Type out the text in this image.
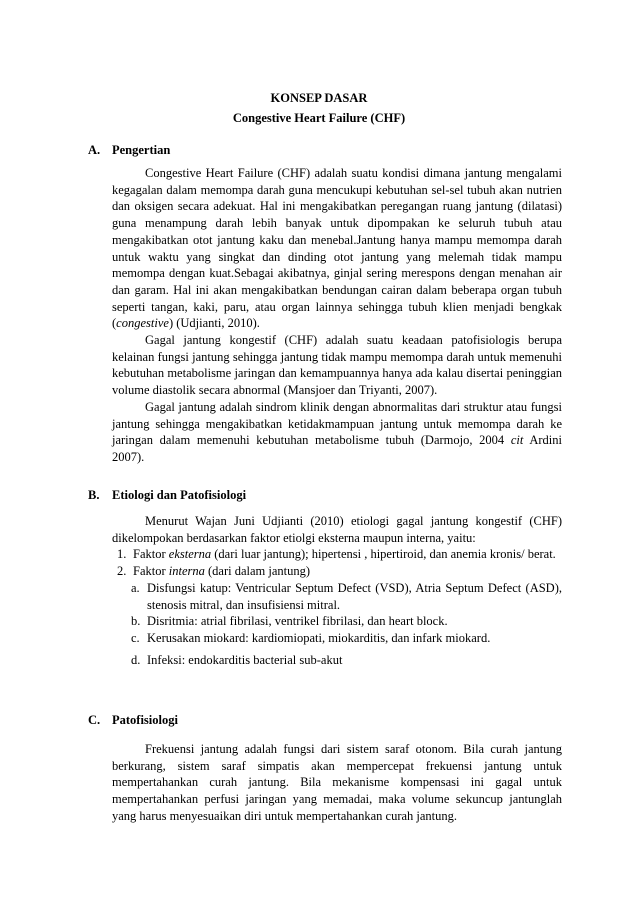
KONSEP DASAR
Congestive Heart Failure (CHF)
A. Pengertian

Congestive Heart Failure (CHF) adalah suatu kondisi dimana jantung mengalami kegagalan dalam memompa darah guna mencukupi kebutuhan sel-sel tubuh akan nutrien dan oksigen secara adekuat. Hal ini mengakibatkan peregangan ruang jantung (dilatasi) guna menampung darah lebih banyak untuk dipompakan ke seluruh tubuh atau mengakibatkan otot jantung kaku dan menebal.Jantung hanya mampu memompa darah untuk waktu yang singkat dan dinding otot jantung yang melemah tidak mampu memompa dengan kuat.Sebagai akibatnya, ginjal sering merespons dengan menahan air dan garam. Hal ini akan mengakibatkan bendungan cairan dalam beberapa organ tubuh seperti tangan, kaki, paru, atau organ lainnya sehingga tubuh klien menjadi bengkak (congestive) (Udjianti, 2010).

Gagal jantung kongestif (CHF) adalah suatu keadaan patofisiologis berupa kelainan fungsi jantung sehingga jantung tidak mampu memompa darah untuk memenuhi kebutuhan metabolisme jaringan dan kemampuannya hanya ada kalau disertai peninggian volume diastolik secara abnormal (Mansjoer dan Triyanti, 2007).

Gagal jantung adalah sindrom klinik dengan abnormalitas dari struktur atau fungsi jantung sehingga mengakibatkan ketidakmampuan jantung untuk memompa darah ke jaringan dalam memenuhi kebutuhan metabolisme tubuh (Darmojo, 2004 cit Ardini 2007).

B.	Etiologi dan Patofisiologi

Menurut Wajan Juni Udjianti (2010) etiologi gagal jantung kongestif (CHF) dikelompokan berdasarkan faktor etiolgi eksterna maupun interna, yaitu:

1. Faktor eksterna (dari luar jantung); hipertensi , hipertiroid, dan anemia kronis/ berat.
2. Faktor interna (dari dalam jantung)
a. Disfungsi katup: Ventricular Septum Defect (VSD), Atria Septum Defect (ASD), stenosis mitral, dan insufisiensi mitral.
b. Disritmia: atrial fibrilasi, ventrikel fibrilasi, dan heart block.
c. Kerusakan miokard: kardiomiopati, miokarditis, dan infark miokard.
d. Infeksi: endokarditis bacterial sub-akut
C. Patofisiologi

Frekuensi jantung adalah fungsi dari sistem saraf otonom. Bila curah jantung berkurang, sistem saraf simpatis akan mempercepat frekuensi jantung untuk mempertahankan curah jantung. Bila mekanisme kompensasi ini gagal untuk mempertahankan perfusi jaringan yang memadai, maka volume sekuncup jantunglah yang harus menyesuaikan diri untuk mempertahankan curah jantung.
